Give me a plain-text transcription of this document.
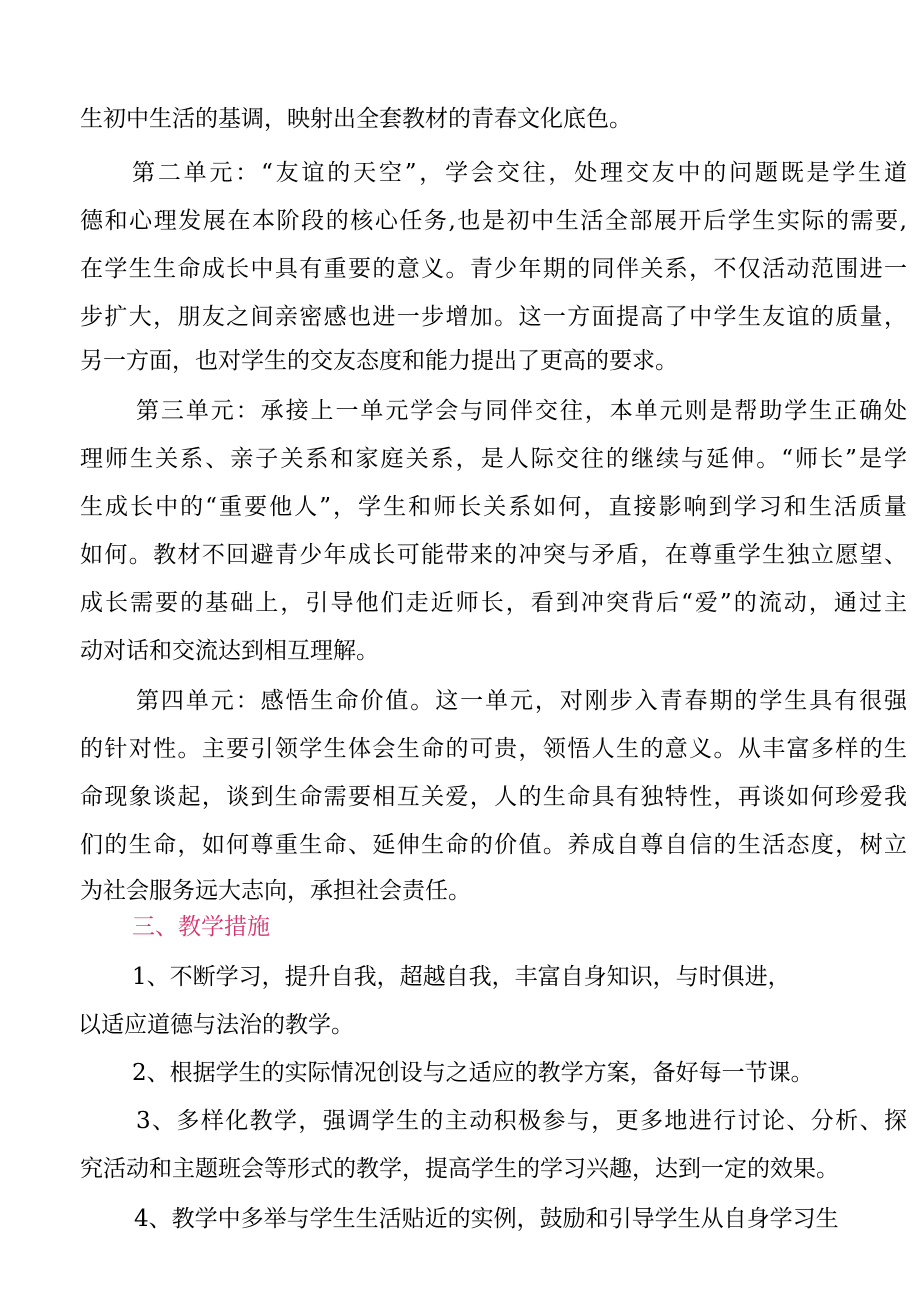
生初中生活的基调，映射出全套教材的青春文化底色。
第二单元：“友谊的天空”，学会交往，处理交友中的问题既是学生道
德和心理发展在本阶段的核心任务,也是初中生活全部展开后学生实际的需要,
在学生生命成长中具有重要的意义。青少年期的同伴关系，不仅活动范围进一
步扩大，朋友之间亲密感也进一步增加。这一方面提高了中学生友谊的质量，
另一方面，也对学生的交友态度和能力提出了更高的要求。
第三单元：承接上一单元学会与同伴交往，本单元则是帮助学生正确处
理师生关系、亲子关系和家庭关系，是人际交往的继续与延伸。“师长”是学
生成长中的“重要他人”，学生和师长关系如何，直接影响到学习和生活质量
如何。教材不回避青少年成长可能带来的冲突与矛盾，在尊重学生独立愿望、
成长需要的基础上，引导他们走近师长，看到冲突背后“爱”的流动，通过主
动对话和交流达到相互理解。
第四单元：感悟生命价值。这一单元，对刚步入青春期的学生具有很强
的针对性。主要引领学生体会生命的可贵，领悟人生的意义。从丰富多样的生
命现象谈起，谈到生命需要相互关爱，人的生命具有独特性，再谈如何珍爱我
们的生命，如何尊重生命、延伸生命的价值。养成自尊自信的生活态度，树立
为社会服务远大志向，承担社会责任。
三、教学措施
1、不断学习，提升自我，超越自我，丰富自身知识，与时俱进，
以适应道德与法治的教学。
2、根据学生的实际情况创设与之适应的教学方案，备好每一节课。
3、多样化教学，强调学生的主动积极参与，更多地进行讨论、分析、探
究活动和主题班会等形式的教学，提高学生的学习兴趣，达到一定的效果。
4、教学中多举与学生生活贴近的实例，鼓励和引导学生从自身学习生
